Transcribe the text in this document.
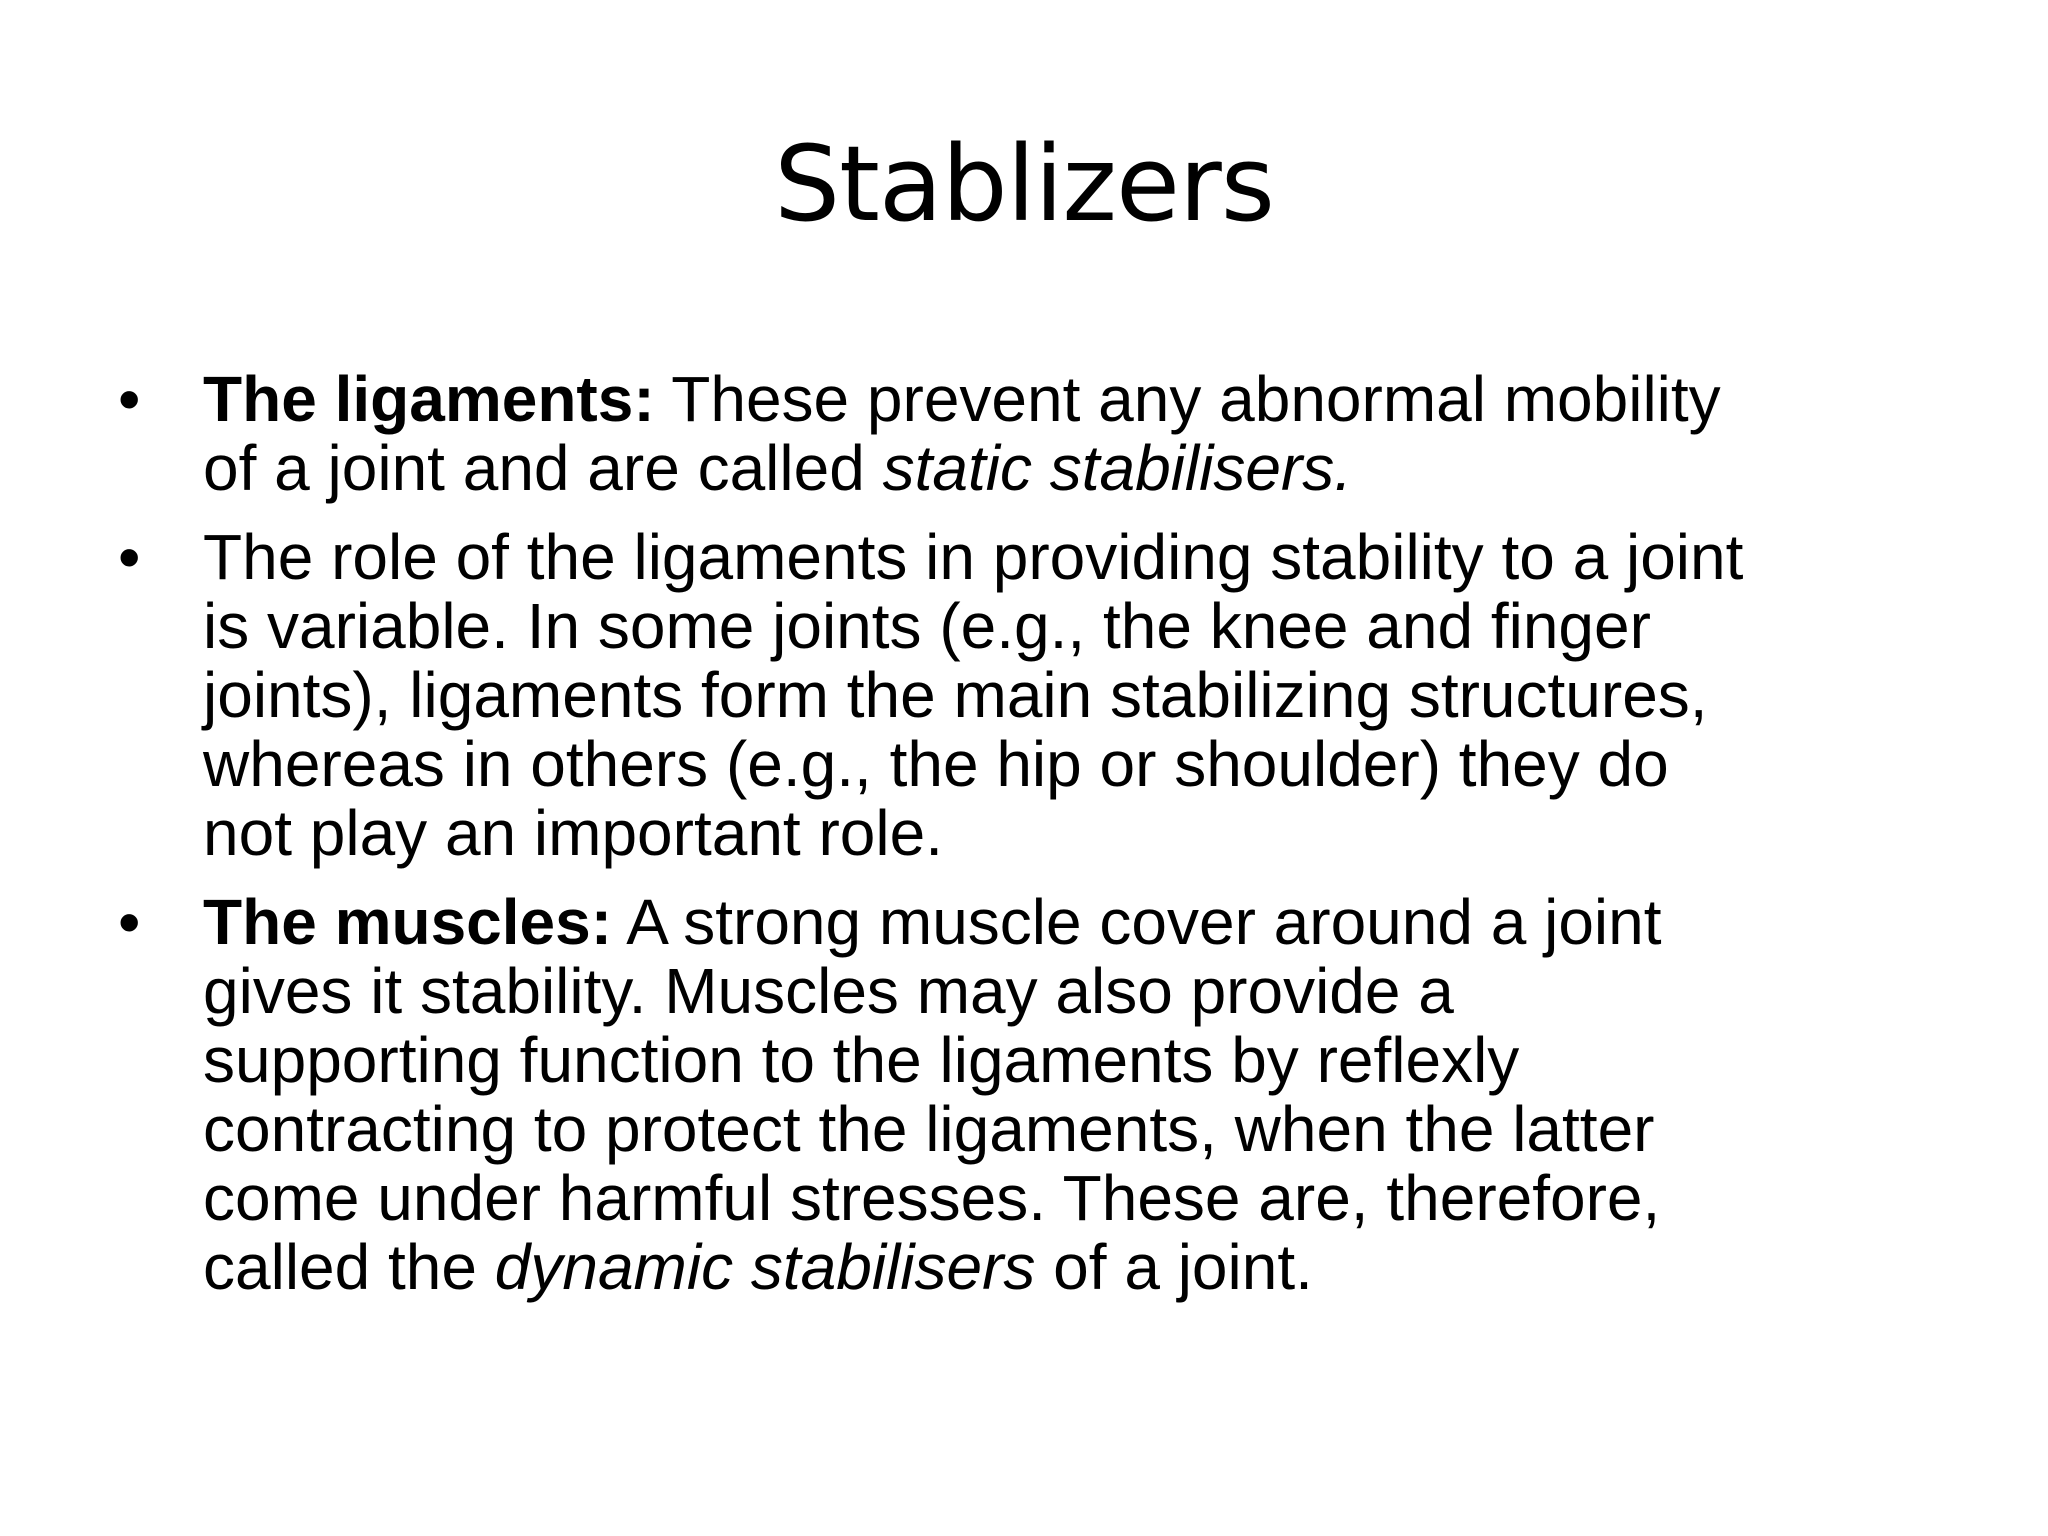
Stablizers
• The ligaments: These prevent any abnormal mobility
of a joint and are called static stabilisers.
• The role of the ligaments in providing stability to a joint
is variable. In some joints (e.g., the knee and finger
joints), ligaments form the main stabilizing structures,
whereas in others (e.g., the hip or shoulder) they do
not play an important role.
• The muscles: A strong muscle cover around a joint
gives it stability. Muscles may also provide a
supporting function to the ligaments by reflexly
contracting to protect the ligaments, when the latter
come under harmful stresses. These are, therefore,
called the dynamic stabilisers of a joint.
